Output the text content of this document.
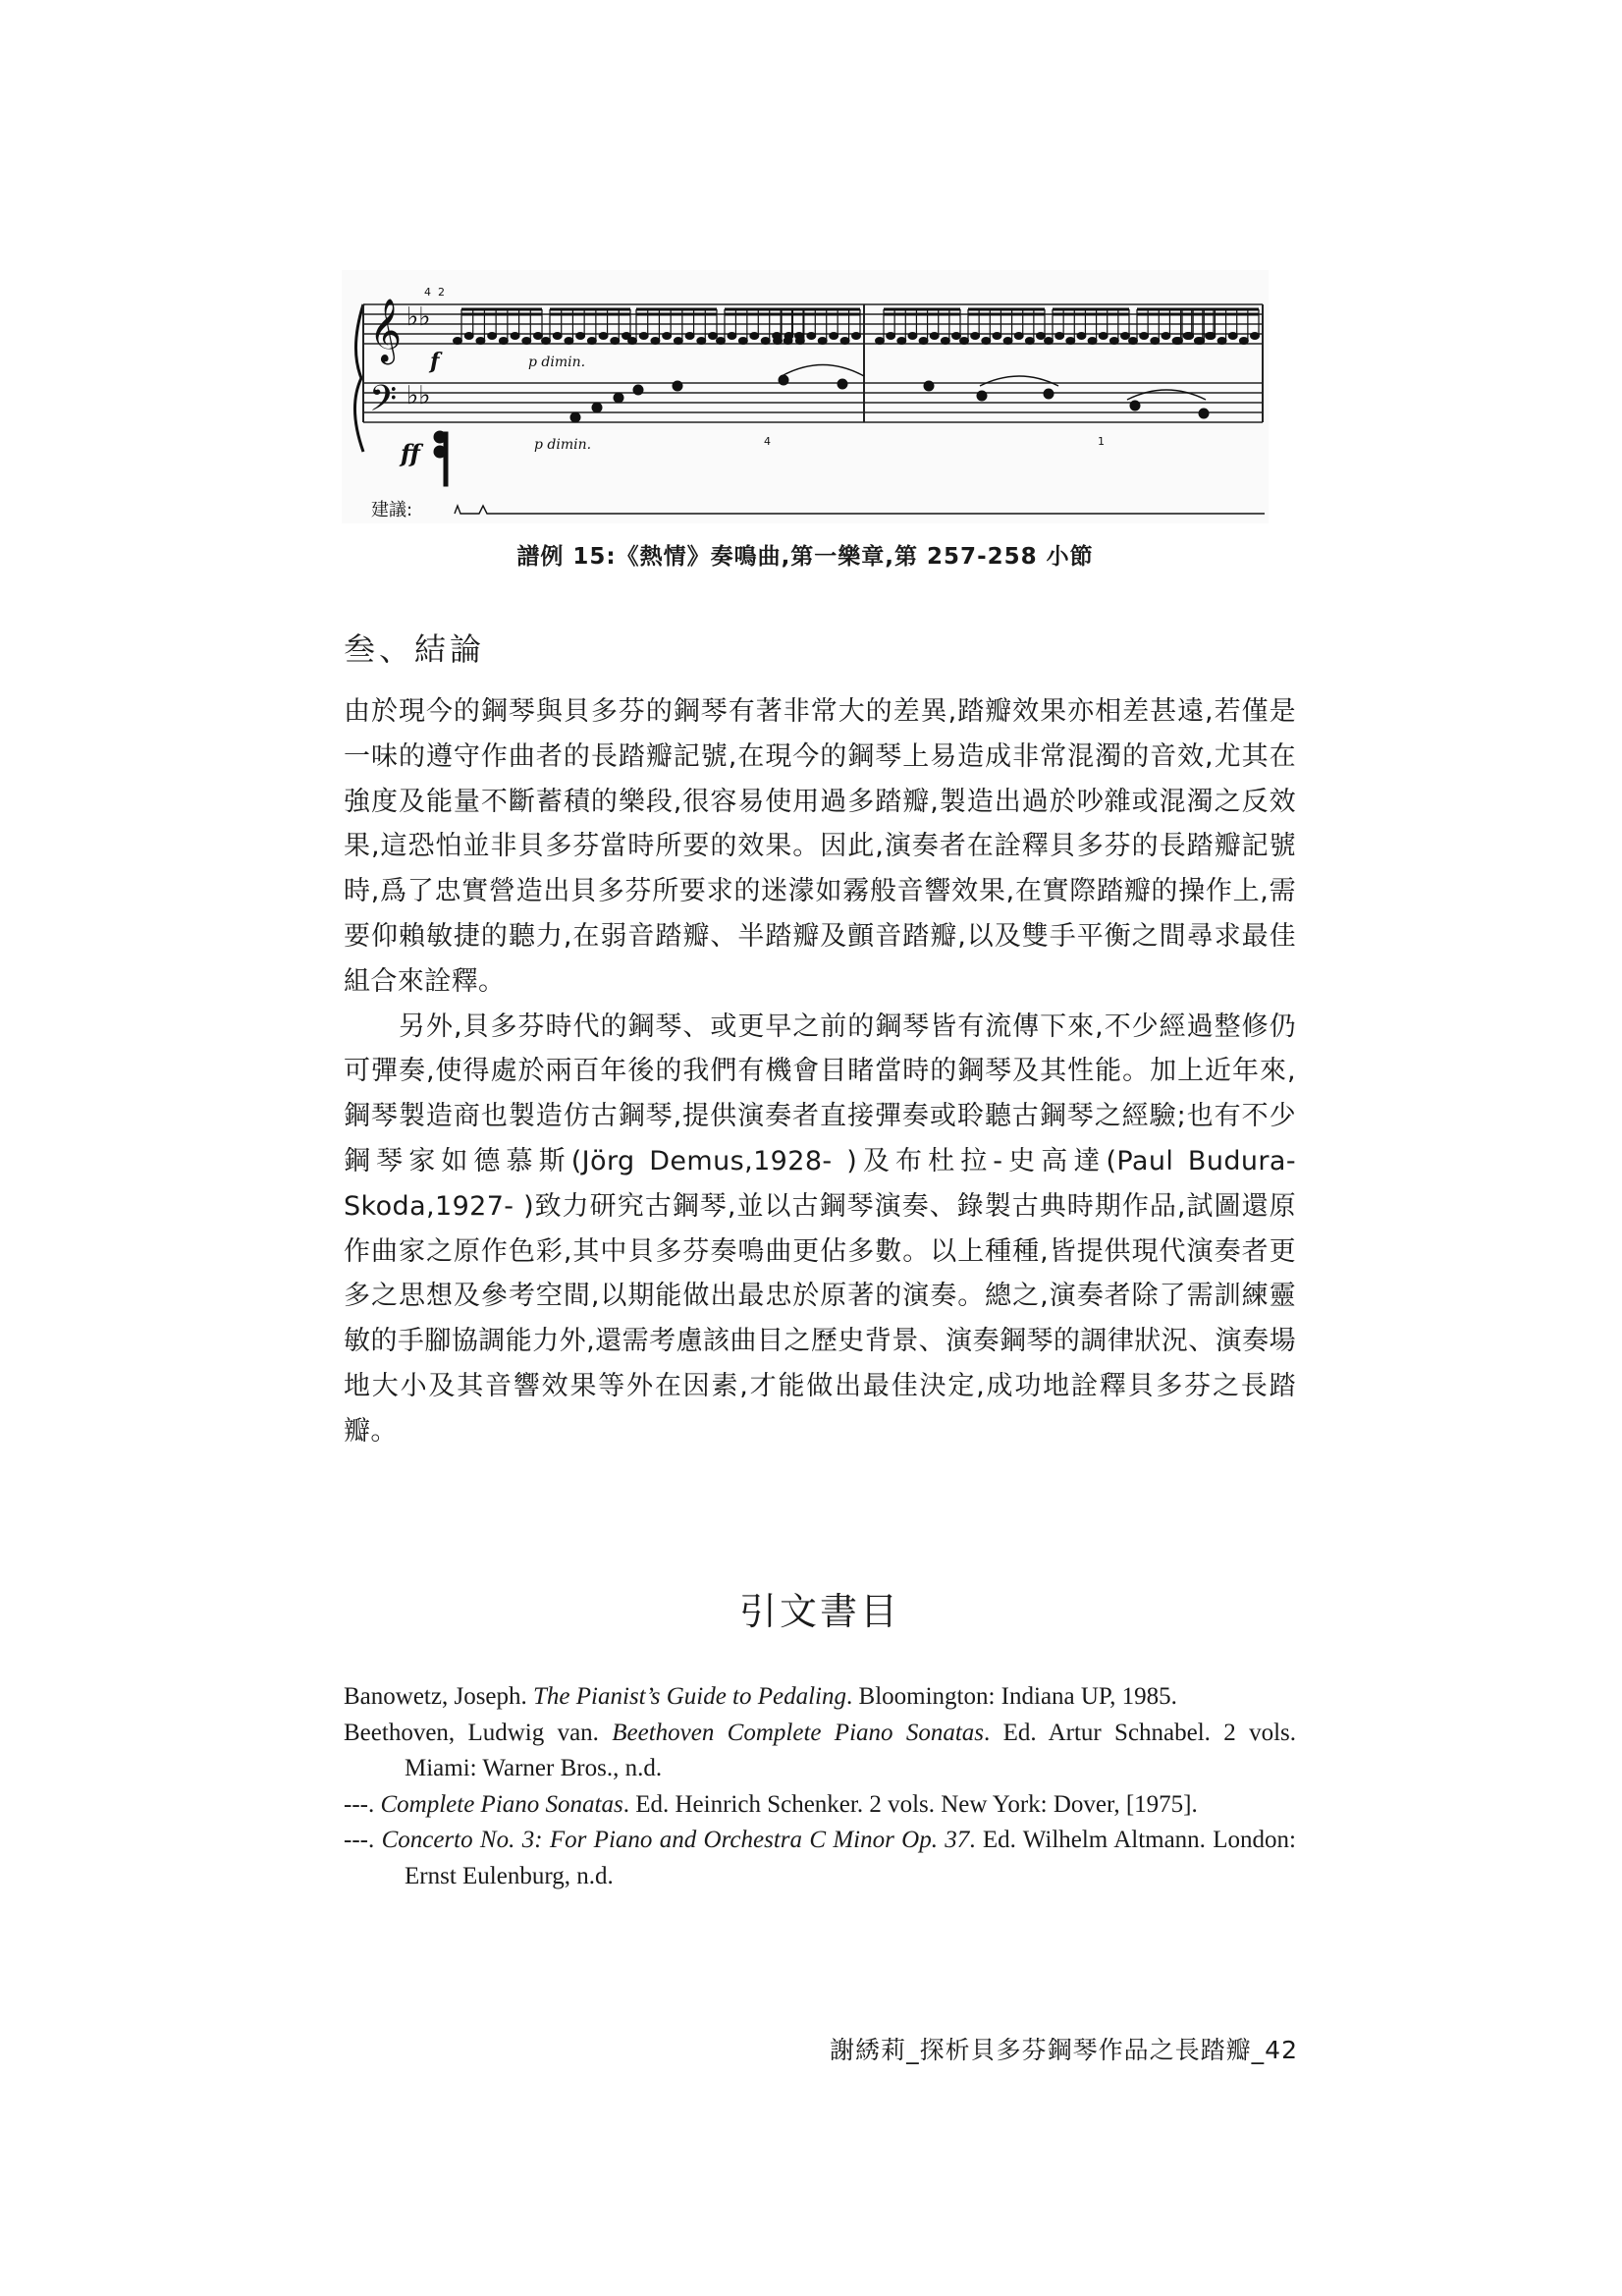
𝄞
𝄢
♭♭
♭♭
f	p dimin.
p dimin.
ff
4 2
4	1
建議:
譜例 15:《熱情》奏鳴曲,第一樂章,第 257-258 小節
叁、結論

由於現今的鋼琴與貝多芬的鋼琴有著非常大的差異,踏瓣效果亦相差甚遠,若僅是一味的遵守作曲者的長踏瓣記號,在現今的鋼琴上易造成非常混濁的音效,尤其在強度及能量不斷蓄積的樂段,很容易使用過多踏瓣,製造出過於吵雜或混濁之反效果,這恐怕並非貝多芬當時所要的效果。因此,演奏者在詮釋貝多芬的長踏瓣記號時,爲了忠實營造出貝多芬所要求的迷濛如霧般音響效果,在實際踏瓣的操作上,需要仰賴敏捷的聽力,在弱音踏瓣、半踏瓣及顫音踏瓣,以及雙手平衡之間尋求最佳組合來詮釋。

另外,貝多芬時代的鋼琴、或更早之前的鋼琴皆有流傳下來,不少經過整修仍可彈奏,使得處於兩百年後的我們有機會目睹當時的鋼琴及其性能。加上近年來,鋼琴製造商也製造仿古鋼琴,提供演奏者直接彈奏或聆聽古鋼琴之經驗;也有不少鋼琴家如德慕斯(Jörg Demus,1928- )及布杜拉-史高達(Paul Budura-Skoda,1927- )致力研究古鋼琴,並以古鋼琴演奏、錄製古典時期作品,試圖還原作曲家之原作色彩,其中貝多芬奏鳴曲更佔多數。以上種種,皆提供現代演奏者更多之思想及參考空間,以期能做出最忠於原著的演奏。總之,演奏者除了需訓練靈敏的手腳協調能力外,還需考慮該曲目之歷史背景、演奏鋼琴的調律狀況、演奏場地大小及其音響效果等外在因素,才能做出最佳決定,成功地詮釋貝多芬之長踏瓣。

引文書目

Banowetz, Joseph. The Pianist’s Guide to Pedaling. Bloomington: Indiana UP, 1985.

Beethoven, Ludwig van. Beethoven Complete Piano Sonatas. Ed. Artur Schnabel. 2 vols. Miami: Warner Bros., n.d.

---. Complete Piano Sonatas. Ed. Heinrich Schenker. 2 vols. New York: Dover, [1975].

---. Concerto No. 3: For Piano and Orchestra C Minor Op. 37. Ed. Wilhelm Altmann. London: Ernst Eulenburg, n.d.

謝綉莉_探析貝多芬鋼琴作品之長踏瓣_42
